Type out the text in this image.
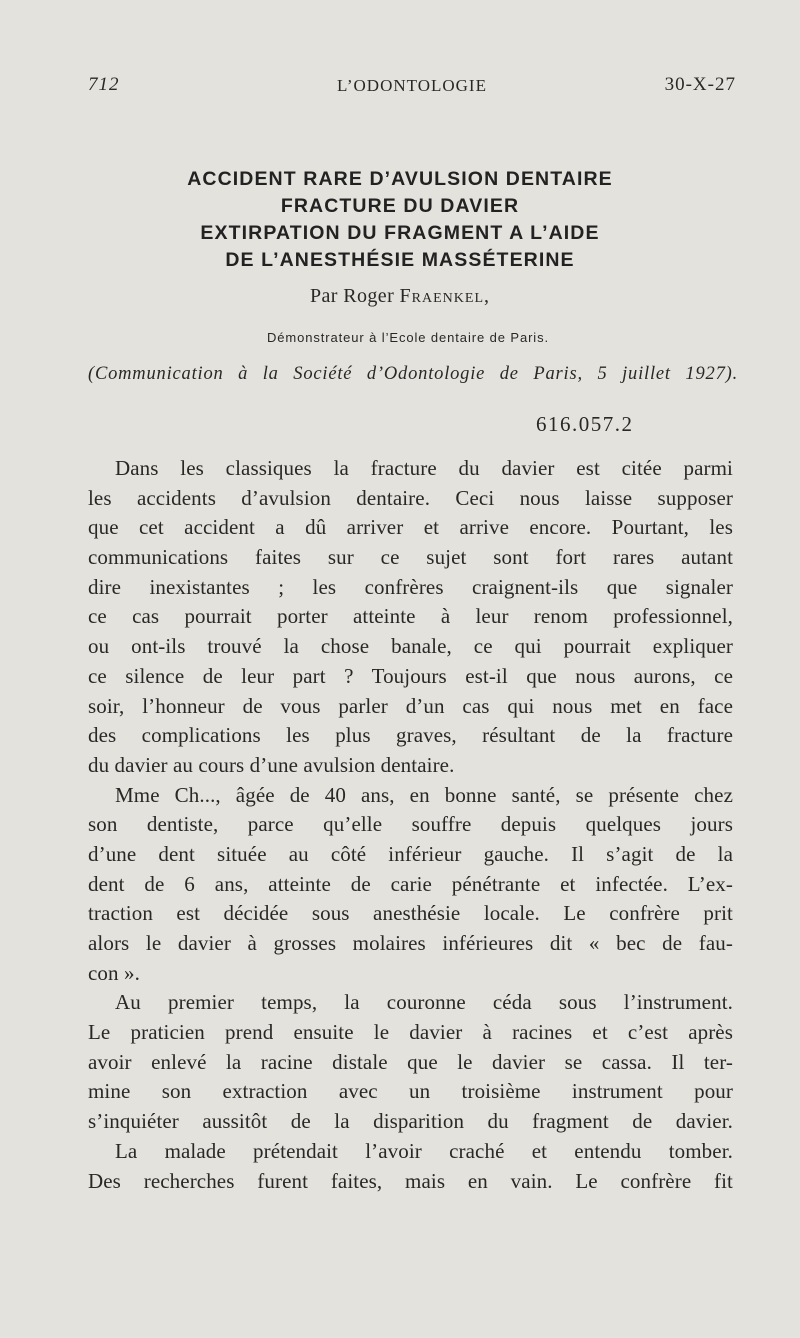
712	L’ODONTOLOGIE	30-X-27
ACCIDENT RARE D’AVULSION DENTAIRE
FRACTURE DU DAVIER
EXTIRPATION DU FRAGMENT A L’AIDE
DE L’ANESTHÉSIE MASSÉTERINE
Par Roger Fraenkel,
Démonstrateur à l’Ecole dentaire de Paris.
(Communication à la Société d’Odontologie de Paris, 5 juillet 1927).
616.057.2
Dans les classiques la fracture du davier est citée parmi
les accidents d’avulsion dentaire. Ceci nous laisse supposer
que cet accident a dû arriver et arrive encore. Pourtant, les
communications faites sur ce sujet sont fort rares autant
dire inexistantes ; les confrères craignent-ils que signaler
ce cas pourrait porter atteinte à leur renom professionnel,
ou ont-ils trouvé la chose banale, ce qui pourrait expliquer
ce silence de leur part ? Toujours est-il que nous aurons, ce
soir, l’honneur de vous parler d’un cas qui nous met en face
des complications les plus graves, résultant de la fracture
du davier au cours d’une avulsion dentaire.
Mme Ch..., âgée de 40 ans, en bonne santé, se présente chez
son dentiste, parce qu’elle souffre depuis quelques jours
d’une dent située au côté inférieur gauche. Il s’agit de la
dent de 6 ans, atteinte de carie pénétrante et infectée. L’ex-
traction est décidée sous anesthésie locale. Le confrère prit
alors le davier à grosses molaires inférieures dit « bec de fau-
con ».
Au premier temps, la couronne céda sous l’instrument.
Le praticien prend ensuite le davier à racines et c’est après
avoir enlevé la racine distale que le davier se cassa. Il ter-
mine son extraction avec un troisième instrument pour
s’inquiéter aussitôt de la disparition du fragment de davier.
La malade prétendait l’avoir craché et entendu tomber.
Des recherches furent faites, mais en vain. Le confrère fit
